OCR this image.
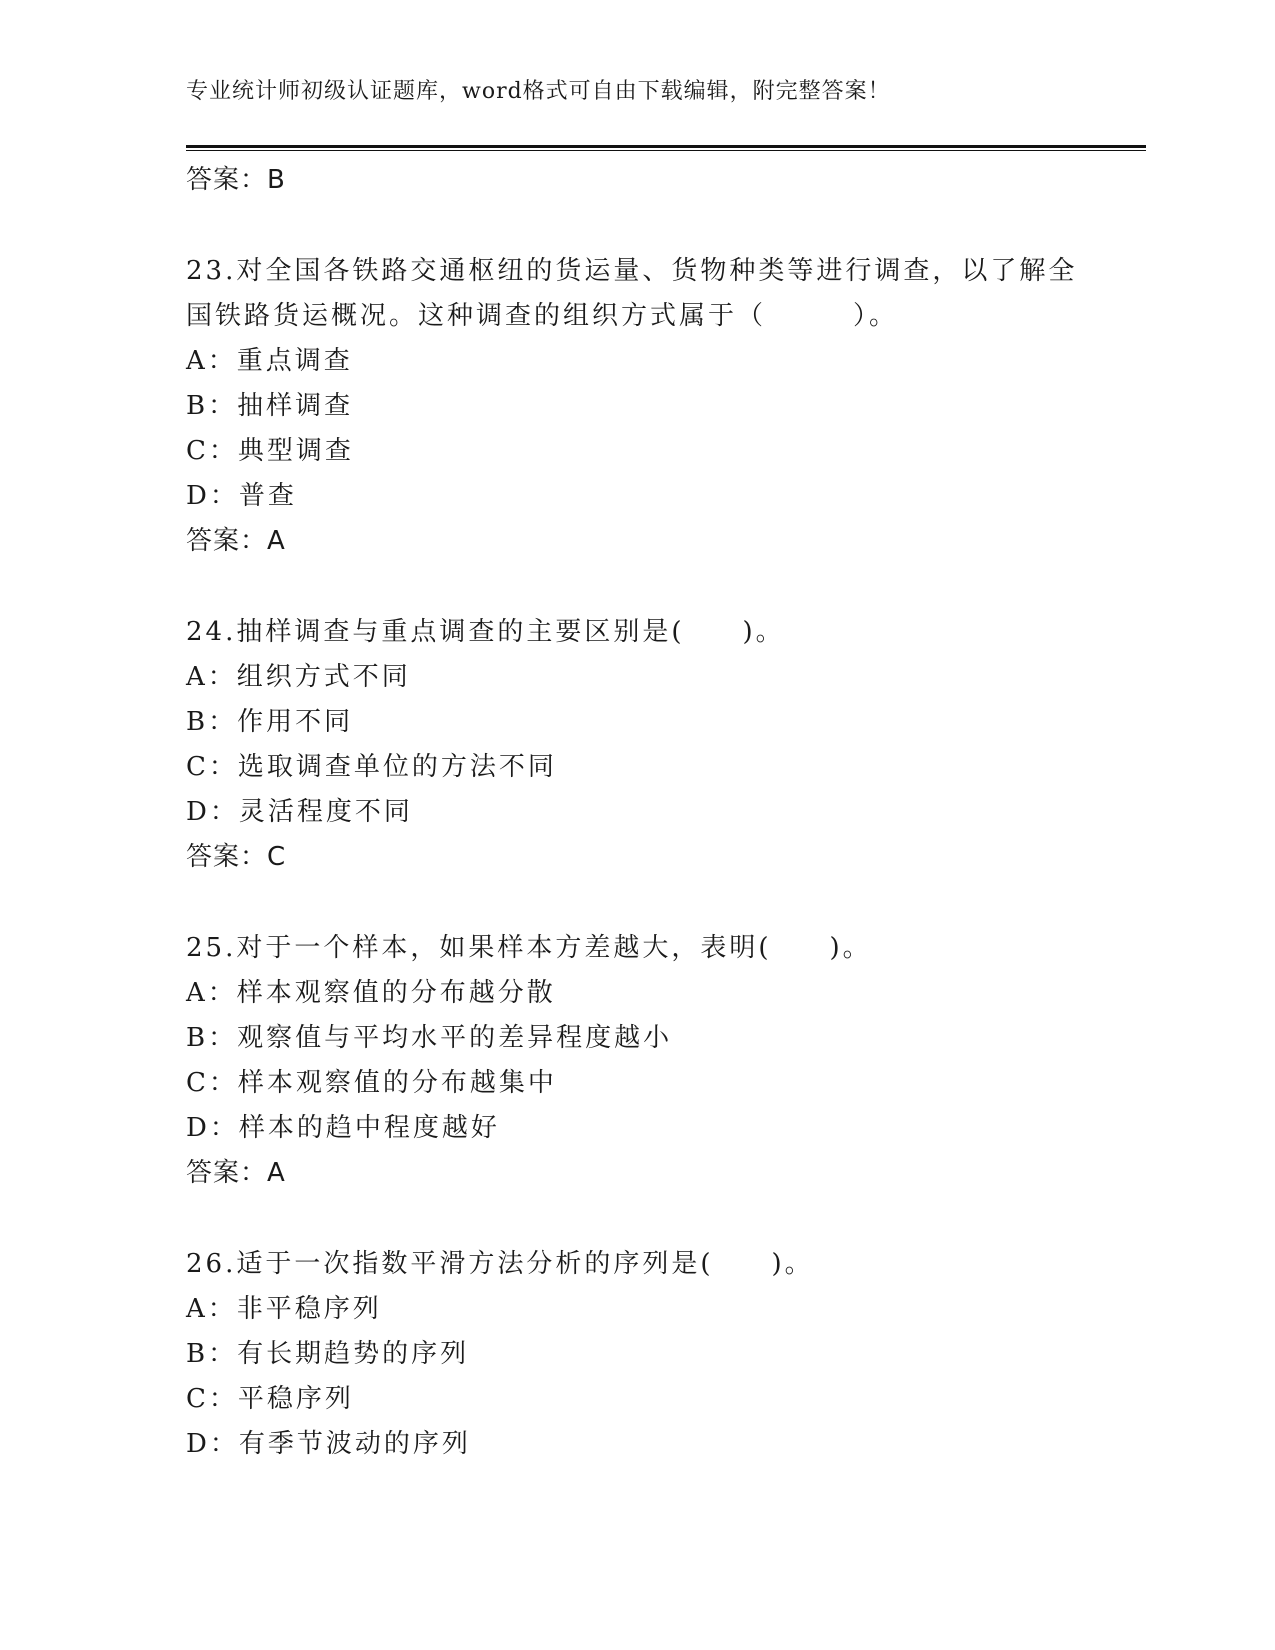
专业统计师初级认证题库，word格式可自由下载编辑，附完整答案！
答案：B
23.对全国各铁路交通枢纽的货运量、货物种类等进行调查，以了解全
国铁路货运概况。这种调查的组织方式属于（　　　）。
A：重点调查
B：抽样调查
C：典型调查
D：普查
答案：A
24.抽样调查与重点调查的主要区别是(　　)。
A：组织方式不同
B：作用不同
C：选取调查单位的方法不同
D：灵活程度不同
答案：C
25.对于一个样本，如果样本方差越大，表明(　　)。
A：样本观察值的分布越分散
B：观察值与平均水平的差异程度越小
C：样本观察值的分布越集中
D：样本的趋中程度越好
答案：A
26.适于一次指数平滑方法分析的序列是(　　)。
A：非平稳序列
B：有长期趋势的序列
C：平稳序列
D：有季节波动的序列
